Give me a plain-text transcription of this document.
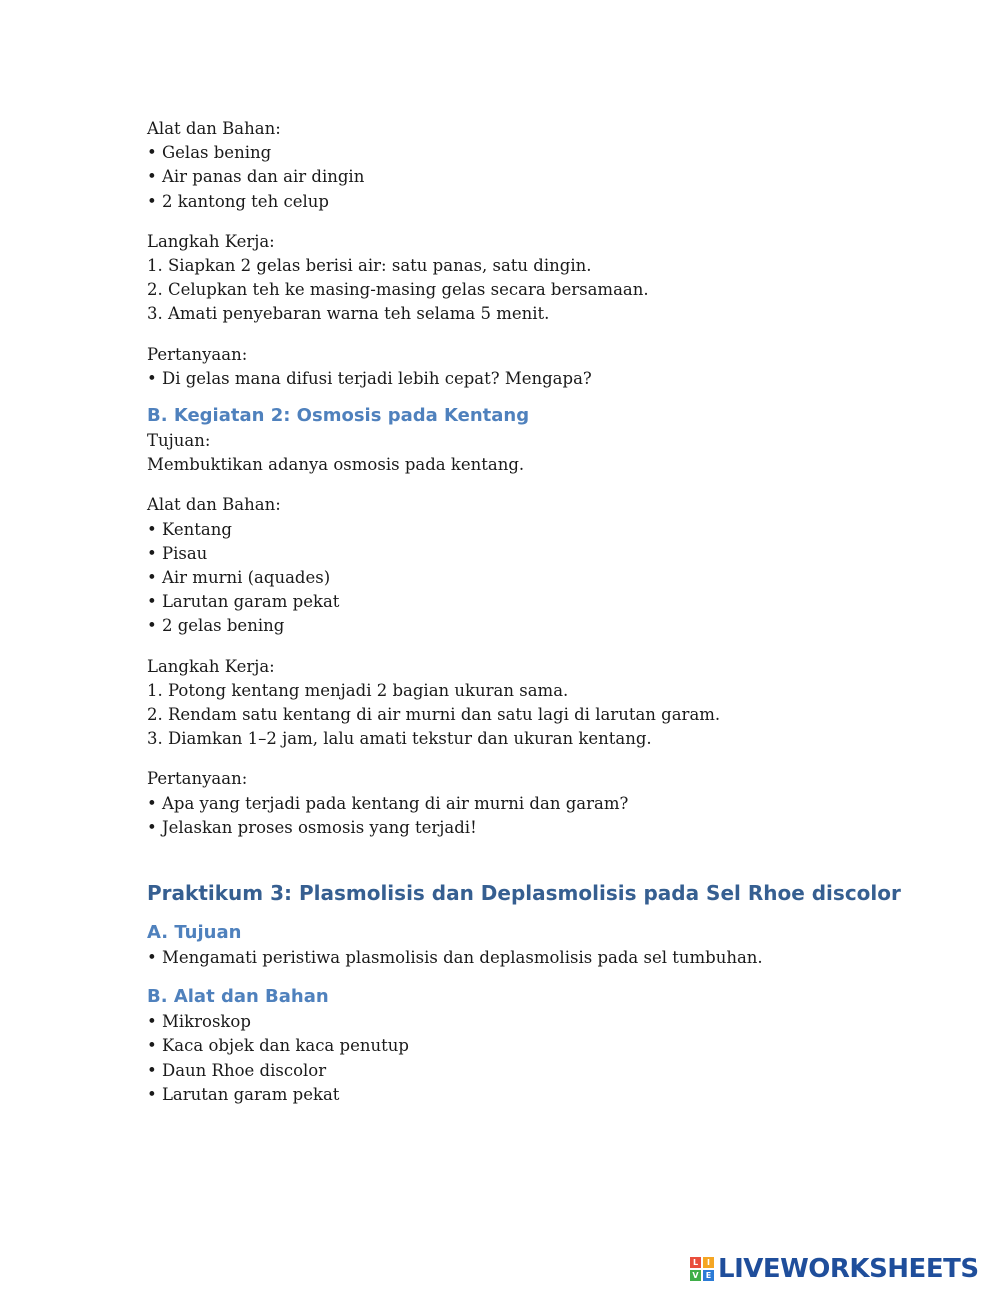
Alat dan Bahan:
• Gelas bening
• Air panas dan air dingin
• 2 kantong teh celup
Langkah Kerja:
1. Siapkan 2 gelas berisi air: satu panas, satu dingin.
2. Celupkan teh ke masing-masing gelas secara bersamaan.
3. Amati penyebaran warna teh selama 5 menit.
Pertanyaan:
• Di gelas mana difusi terjadi lebih cepat? Mengapa?
B. Kegiatan 2: Osmosis pada Kentang
Tujuan:
Membuktikan adanya osmosis pada kentang.
Alat dan Bahan:
• Kentang
• Pisau
• Air murni (aquades)
• Larutan garam pekat
• 2 gelas bening
Langkah Kerja:
1. Potong kentang menjadi 2 bagian ukuran sama.
2. Rendam satu kentang di air murni dan satu lagi di larutan garam.
3. Diamkan 1–2 jam, lalu amati tekstur dan ukuran kentang.
Pertanyaan:
• Apa yang terjadi pada kentang di air murni dan garam?
• Jelaskan proses osmosis yang terjadi!
Praktikum 3: Plasmolisis dan Deplasmolisis pada Sel Rhoe discolor
A. Tujuan
• Mengamati peristiwa plasmolisis dan deplasmolisis pada sel tumbuhan.
B. Alat dan Bahan
• Mikroskop
• Kaca objek dan kaca penutup
• Daun Rhoe discolor
• Larutan garam pekat
L	I
V E LIVEWORKSHEETS
